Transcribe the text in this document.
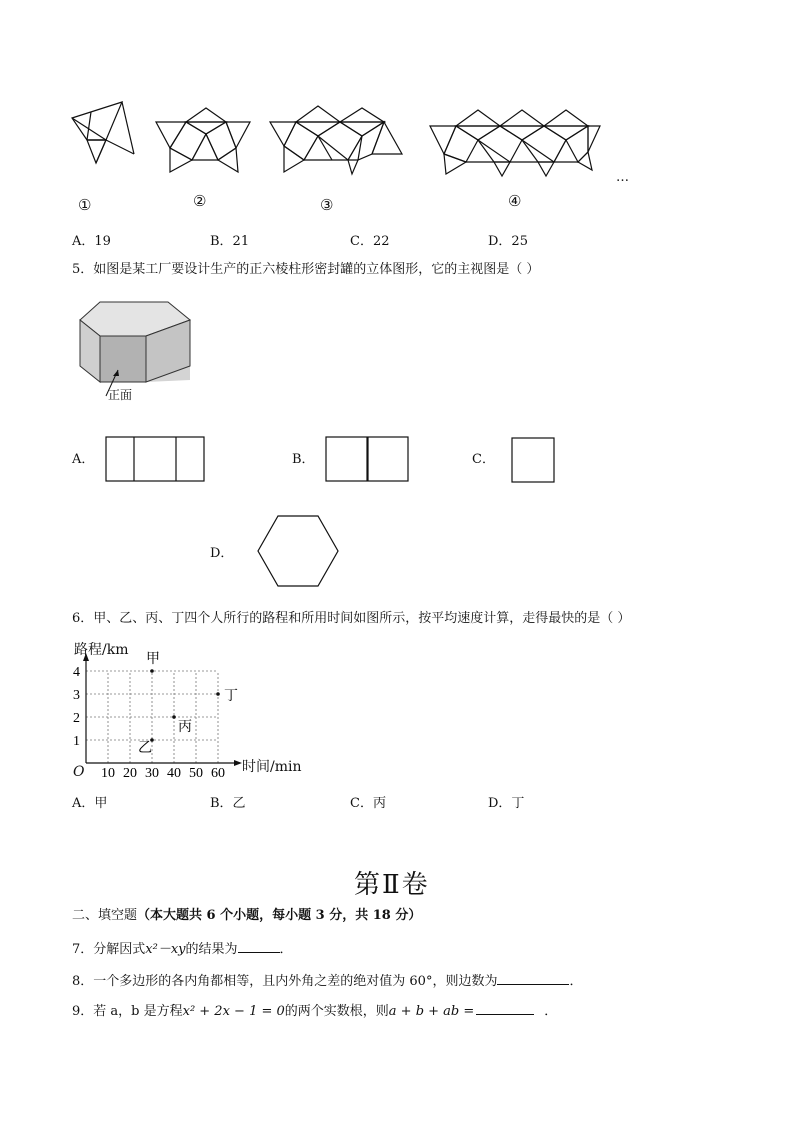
①	②	③	④
…
A．19	B．21	C．22	D．25
5．如图是某工厂要设计生产的正六棱柱形密封罐的立体图形，它的主视图是（ ）
正面
A．	B．	C．
D．
6．甲、乙、丙、丁四个人所行的路程和所用时间如图所示，按平均速度计算，走得最快的是（ ）
10 20 30 40 50 60
1
2
3
4
甲
乙
丙
丁
路程/km
时间/min
O
A．甲	B．乙	C．丙	D．丁
第Ⅱ卷
二、填空题（本大题共 6 个小题，每小题 3 分，共 18 分）
7．分解因式x²－xy的结果为	．
8．一个多边形的各内角都相等，且内外角之差的绝对值为 60°，则边数为	．
9．若 a，b 是方程x² + 2x − 1 = 0的两个实数根，则a + b + ab =	．
